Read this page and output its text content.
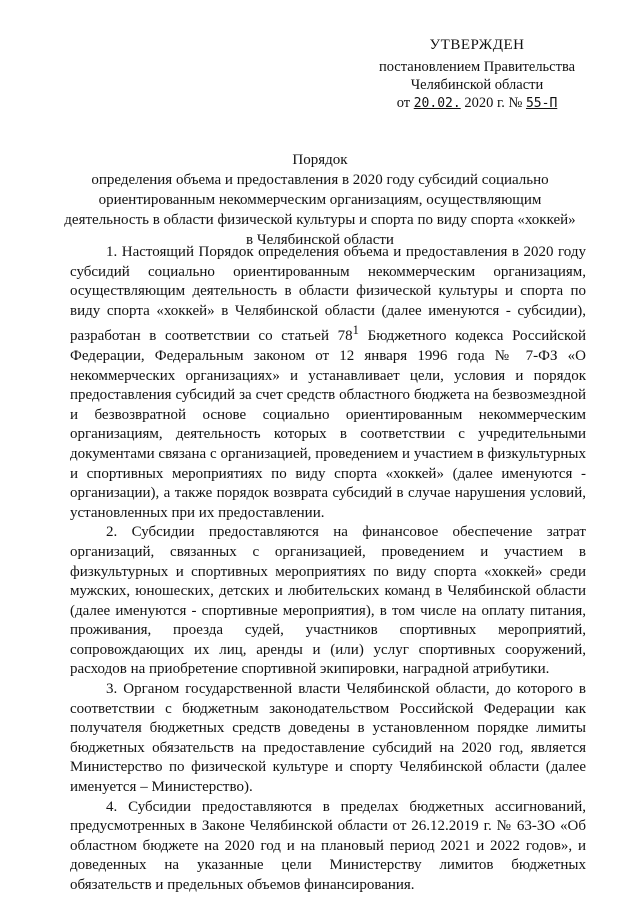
УТВЕРЖДЕН
постановлением Правительства
Челябинской области
от 20.02. 2020 г. № 55-П
Порядок
определения объема и предоставления в 2020 году субсидий социально
ориентированным некоммерческим организациям, осуществляющим
деятельность в области физической культуры и спорта по виду спорта «хоккей»
в Челябинской области

1. Настоящий Порядок определения объема и предоставления в 2020 году субсидий социально ориентированным некоммерческим организациям, осуществляющим деятельность в области физической культуры и спорта по виду спорта «хоккей» в Челябинской области (далее именуются - субсидии), разработан в соответствии со статьей $78^1$ Бюджетного кодекса Российской Федерации, Федеральным законом от 12 января 1996 года № 7-ФЗ «О некоммерческих организациях» и устанавливает цели, условия и порядок предоставления субсидий за счет средств областного бюджета на безвозмездной и безвозвратной основе социально ориентированным некоммерческим организациям, деятельность которых в соответствии с учредительными документами связана с организацией, проведением и участием в физкультурных и спортивных мероприятиях по виду спорта «хоккей» (далее именуются - организации), а также порядок возврата субсидий в случае нарушения условий, установленных при их предоставлении.

2. Субсидии предоставляются на финансовое обеспечение затрат организаций, связанных с организацией, проведением и участием в физкультурных и спортивных мероприятиях по виду спорта «хоккей» среди мужских, юношеских, детских и любительских команд в Челябинской области (далее именуются - спортивные мероприятия), в том числе на оплату питания, проживания, проезда судей, участников спортивных мероприятий, сопровождающих их лиц, аренды и (или) услуг спортивных сооружений, расходов на приобретение спортивной экипировки, наградной атрибутики.

3. Органом государственной власти Челябинской области, до которого в соответствии с бюджетным законодательством Российской Федерации как получателя бюджетных средств доведены в установленном порядке лимиты бюджетных обязательств на предоставление субсидий на 2020 год, является Министерство по физической культуре и спорту Челябинской области (далее именуется – Министерство).

4. Субсидии предоставляются в пределах бюджетных ассигнований, предусмотренных в Законе Челябинской области от 26.12.2019 г. № 63-ЗО «Об областном бюджете на 2020 год и на плановый период 2021 и 2022 годов», и доведенных на указанные цели Министерству лимитов бюджетных обязательств и предельных объемов финансирования.
